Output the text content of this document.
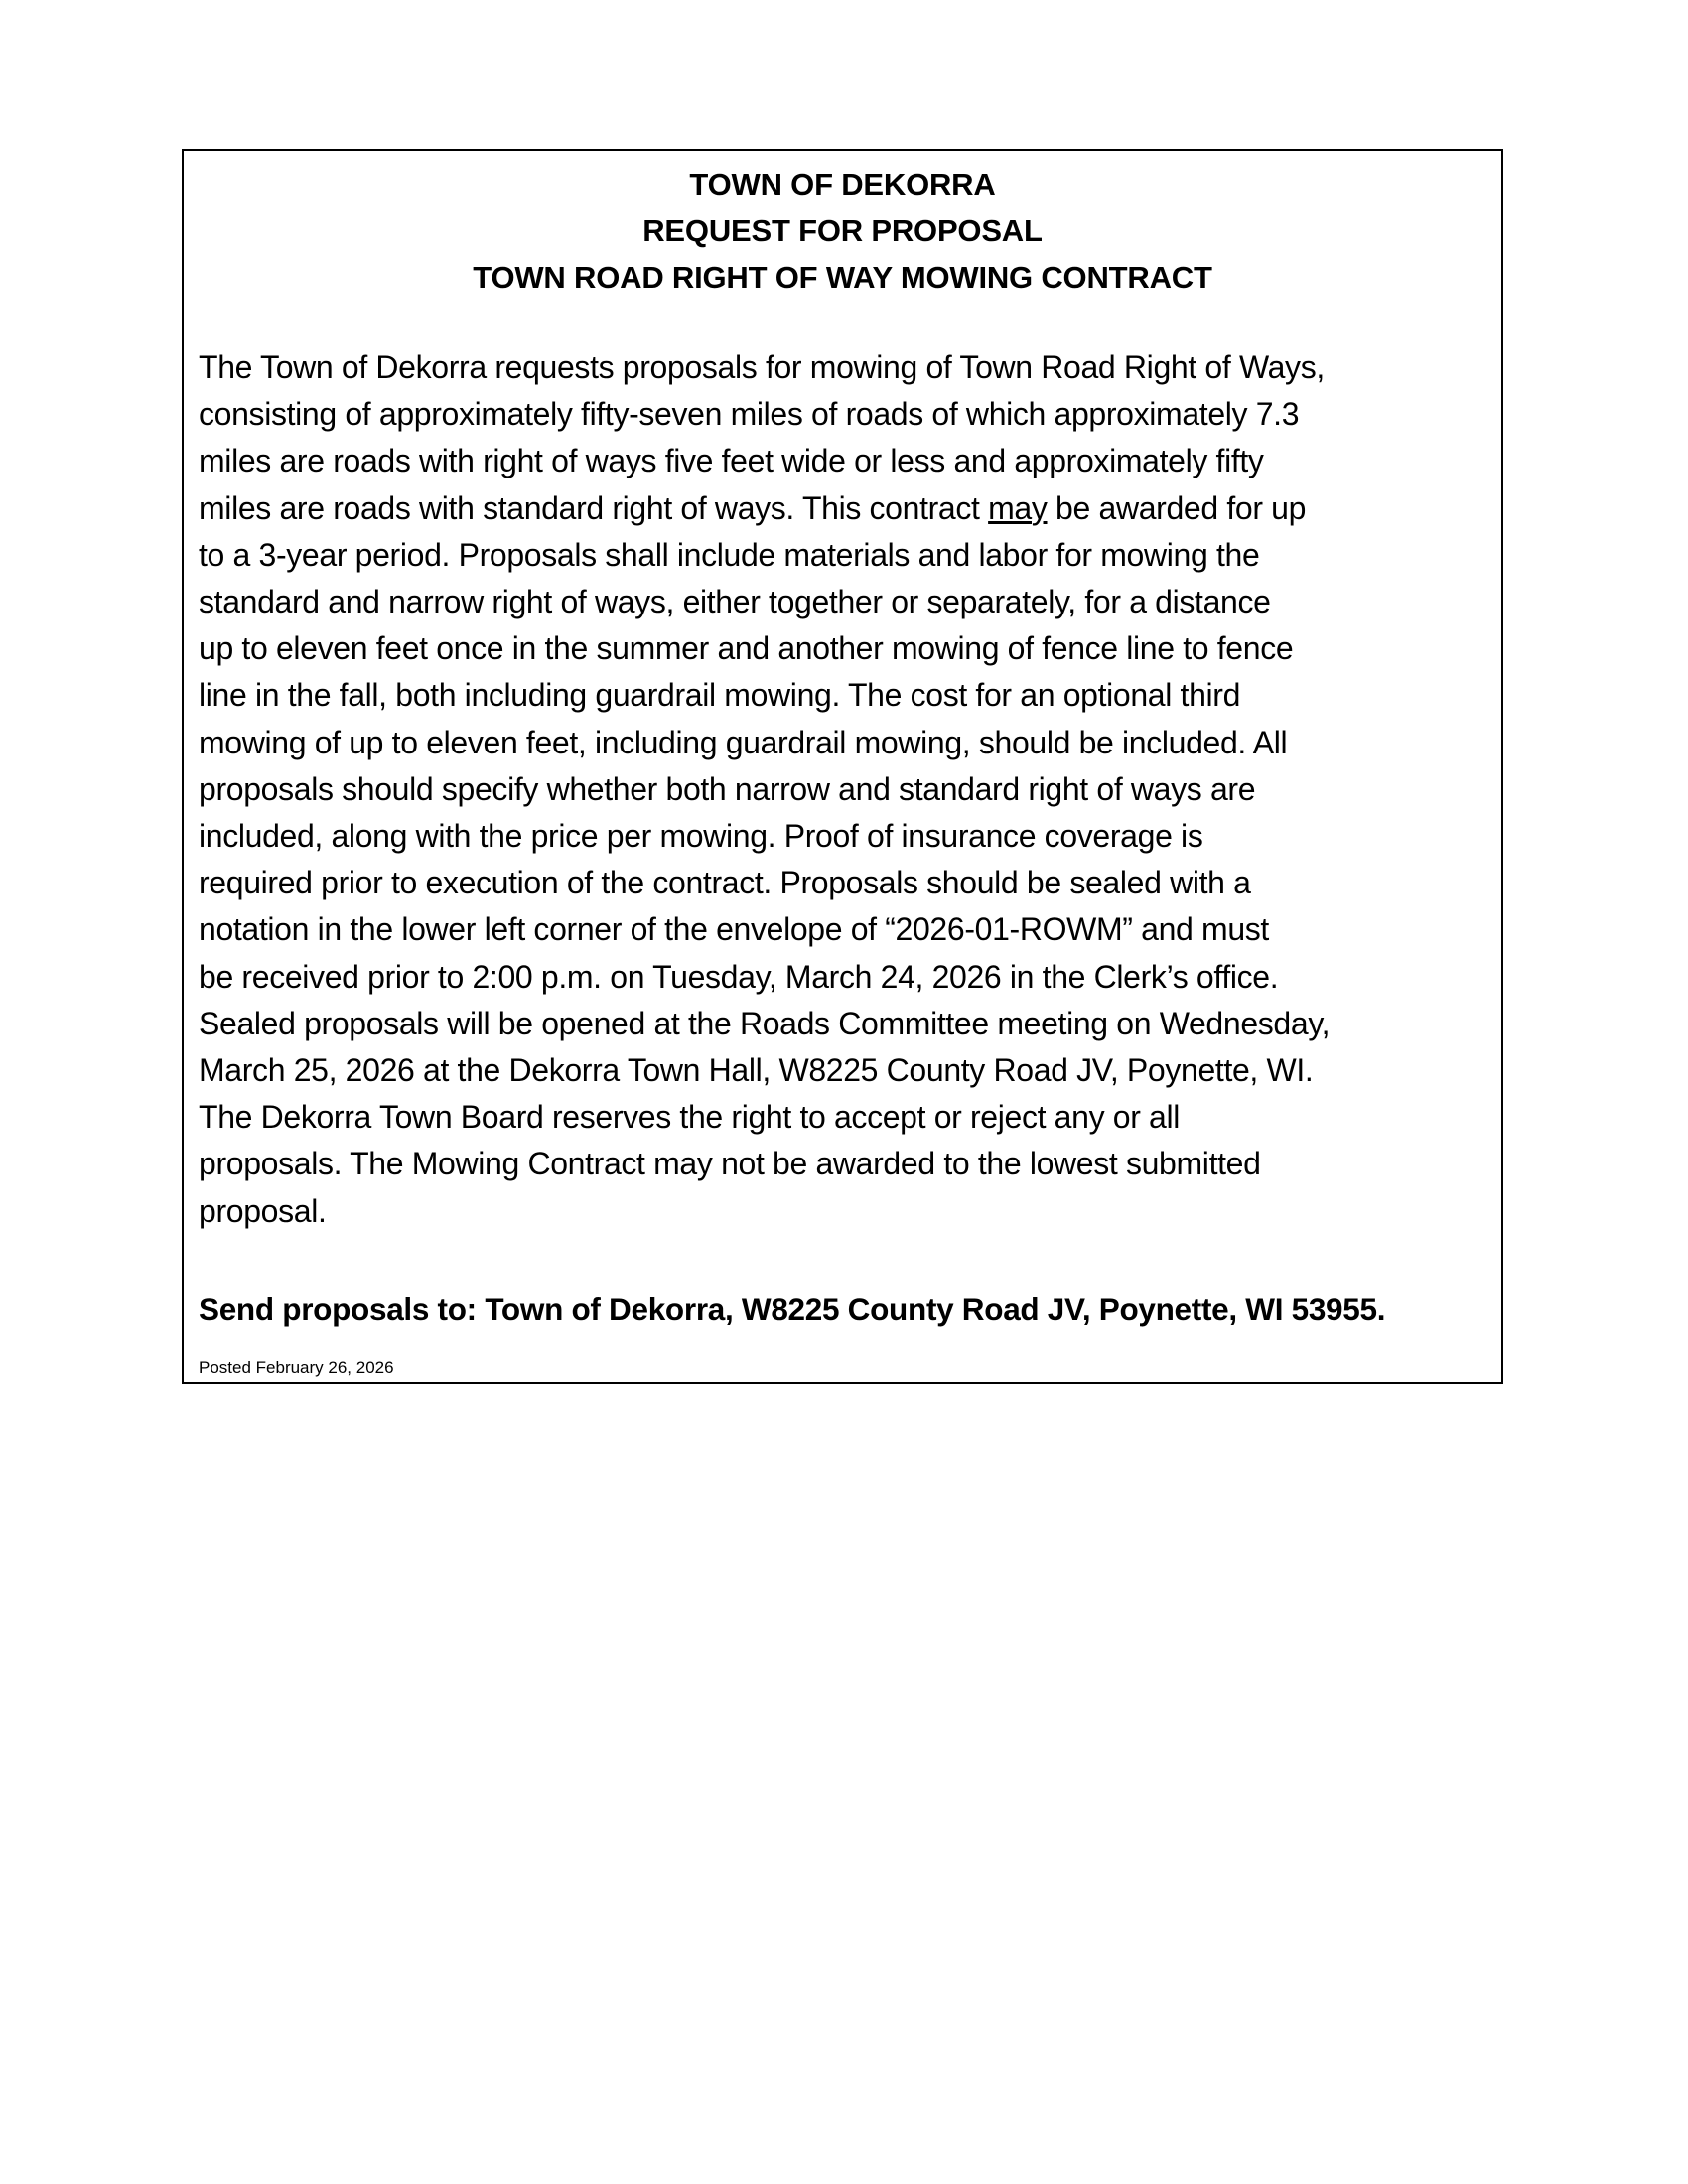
TOWN OF DEKORRA
REQUEST FOR PROPOSAL
TOWN ROAD RIGHT OF WAY MOWING CONTRACT
The Town of Dekorra requests proposals for mowing of Town Road Right of Ways,
consisting of approximately fifty-seven miles of roads of which approximately 7.3
miles are roads with right of ways five feet wide or less and approximately fifty
miles are roads with standard right of ways. This contract may be awarded for up
to a 3-year period. Proposals shall include materials and labor for mowing the
standard and narrow right of ways, either together or separately, for a distance
up to eleven feet once in the summer and another mowing of fence line to fence
line in the fall, both including guardrail mowing. The cost for an optional third
mowing of up to eleven feet, including guardrail mowing, should be included. All
proposals should specify whether both narrow and standard right of ways are
included, along with the price per mowing. Proof of insurance coverage is
required prior to execution of the contract. Proposals should be sealed with a
notation in the lower left corner of the envelope of “2026-01-ROWM” and must
be received prior to 2:00 p.m. on Tuesday, March 24, 2026 in the Clerk’s office.
Sealed proposals will be opened at the Roads Committee meeting on Wednesday,
March 25, 2026 at the Dekorra Town Hall, W8225 County Road JV, Poynette, WI.
The Dekorra Town Board reserves the right to accept or reject any or all
proposals. The Mowing Contract may not be awarded to the lowest submitted
proposal.
Send proposals to: Town of Dekorra, W8225 County Road JV, Poynette, WI 53955.
Posted February 26, 2026
